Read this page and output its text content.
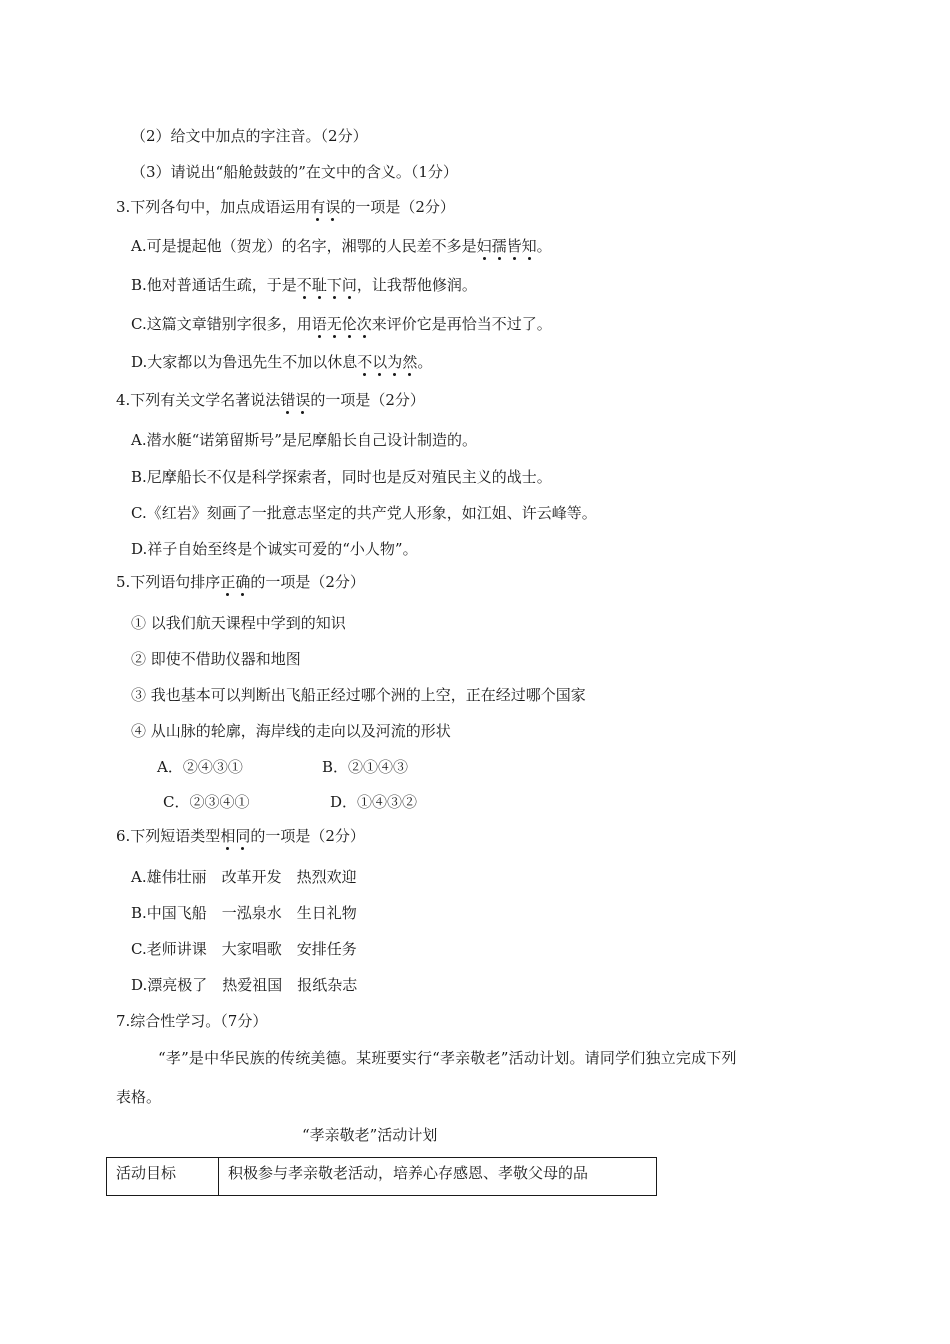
（2）给文中加点的字注音。（2分）
（3）请说出“船舱鼓鼓的”在文中的含义。（1分）
3.下列各句中，加点成语运用有误的一项是（2分）
A.可是提起他（贺龙）的名字，湘鄂的人民差不多是妇孺皆知。
B.他对普通话生疏，于是不耻下问，让我帮他修润。
C.这篇文章错别字很多，用语无伦次来评价它是再恰当不过了。
D.大家都以为鲁迅先生不加以休息不以为然。
4.下列有关文学名著说法错误的一项是（2分）
A.潜水艇“诺第留斯号”是尼摩船长自己设计制造的。
B.尼摩船长不仅是科学探索者，同时也是反对殖民主义的战士。
C.《红岩》刻画了一批意志坚定的共产党人形象，如江姐、许云峰等。
D.祥子自始至终是个诚实可爱的“小人物”。
5.下列语句排序正确的一项是（2分）
① 以我们航天课程中学到的知识
② 即使不借助仪器和地图
③ 我也基本可以判断出飞船正经过哪个洲的上空，正在经过哪个国家
④ 从山脉的轮廓，海岸线的走向以及河流的形状
A．②④③①	B．②①④③
C．②③④①	D．①④③②
6.下列短语类型相同的一项是（2分）
A.雄伟壮丽　改革开发　热烈欢迎
B.中国飞船　一泓泉水　生日礼物
C.老师讲课　大家唱歌　安排任务
D.漂亮极了　热爱祖国　报纸杂志
7.综合性学习。（7分）
“孝”是中华民族的传统美德。某班要实行“孝亲敬老”活动计划。请同学们独立完成下列
表格。
“孝亲敬老”活动计划
活动目标	积极参与孝亲敬老活动，培养心存感恩、孝敬父母的品
